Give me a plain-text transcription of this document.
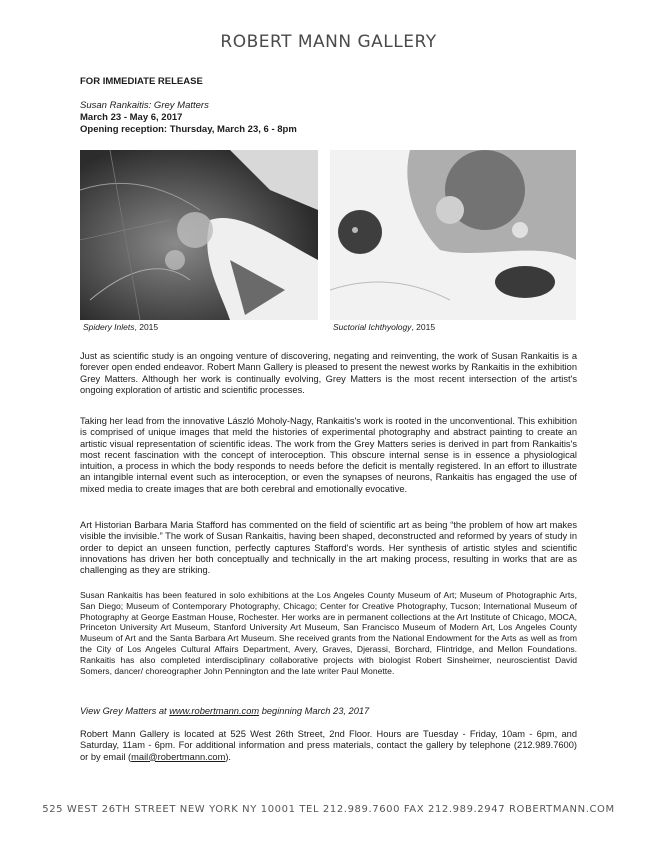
ROBERT MANN GALLERY
FOR IMMEDIATE RELEASE
Susan Rankaitis: Grey Matters
March 23 - May 6, 2017
Opening reception: Thursday, March 23, 6 - 8pm
Spidery Inlets, 2015	Suctorial Ichthyology, 2015
Just as scientific study is an ongoing venture of discovering, negating and reinventing, the work of Susan Rankaitis is a forever open ended endeavor. Robert Mann Gallery is pleased to present the newest works by Rankaitis in the exhibition Grey Matters. Although her work is continually evolving, Grey Matters is the most recent intersection of the artist's ongoing exploration of artistic and scientific processes.
Taking her lead from the innovative László Moholy-Nagy, Rankaitis's work is rooted in the unconventional. This exhibition is comprised of unique images that meld the histories of experimental photography and abstract painting to create an artistic visual representation of scientific ideas. The work from the Grey Matters series is derived in part from Rankaitis's most recent fascination with the concept of interoception. This obscure internal sense is in essence a physiological intuition, a process in which the body responds to needs before the deficit is mentally registered. In an effort to illustrate an intangible internal event such as interoception, or even the synapses of neurons, Rankaitis has engaged the use of mixed media to create images that are both cerebral and emotionally evocative.
Art Historian Barbara Maria Stafford has commented on the field of scientific art as being “the problem of how art makes visible the invisible.” The work of Susan Rankaitis, having been shaped, deconstructed and reformed by years of study in order to depict an unseen function, perfectly captures Stafford's words. Her synthesis of artistic styles and scientific innovations has driven her both conceptually and technically in the art making process, resulting in works that are as challenging as they are striking.
Susan Rankaitis has been featured in solo exhibitions at the Los Angeles County Museum of Art; Museum of Photographic Arts, San Diego; Museum of Contemporary Photography, Chicago; Center for Creative Photography, Tucson; International Museum of Photography at George Eastman House, Rochester. Her works are in permanent collections at the Art Institute of Chicago, MOCA, Princeton University Art Museum, Stanford University Art Museum, San Francisco Museum of Modern Art, Los Angeles County Museum of Art and the Santa Barbara Art Museum. She received grants from the National Endowment for the Arts as well as from the City of Los Angeles Cultural Affairs Department, Avery, Graves, Djerassi, Borchard, Flintridge, and Mellon Foundations. Rankaitis has also completed interdisciplinary collaborative projects with biologist Robert Sinsheimer, neuroscientist David Somers, dancer/ choreographer John Pennington and the late writer Paul Monette.
View Grey Matters at www.robertmann.com beginning March 23, 2017
Robert Mann Gallery is located at 525 West 26th Street, 2nd Floor. Hours are Tuesday - Friday, 10am - 6pm, and Saturday, 11am - 6pm. For additional information and press materials, contact the gallery by telephone (212.989.7600) or by email (mail@robertmann.com).
525 WEST 26TH STREET NEW YORK NY 10001 TEL 212.989.7600 FAX 212.989.2947 ROBERTMANN.COM
